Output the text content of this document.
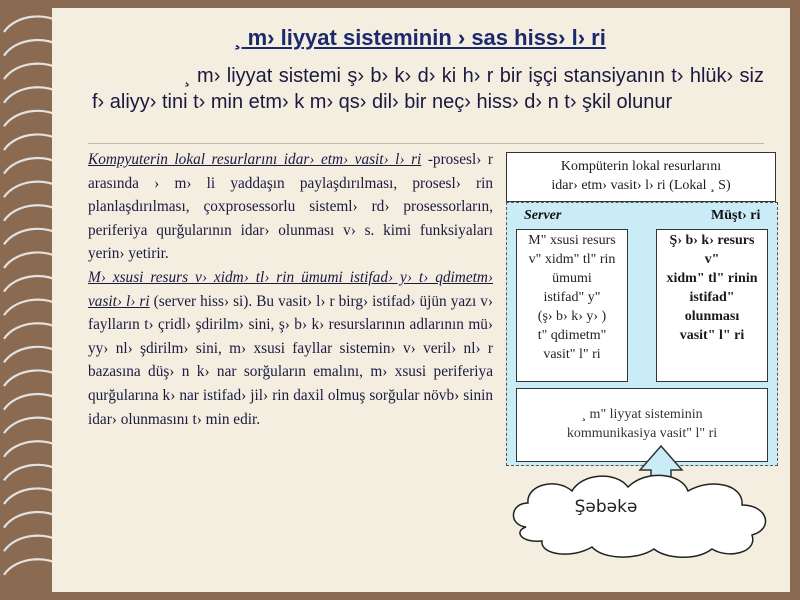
¸ m› liyyat sisteminin › sas hiss› l› ri
¸ m› liyyat sistemi ş› b› k› d› ki h› r bir işçi stansiyanın t› hlük› siz f› aliyy› tini t› min etm› k m› qs› dil› bir neç› hiss› d› n t› şkil olunur
Kompyuterin lokal resurlarını idar› etm› vasit› l› ri -prosesl› r arasında › m› li yaddaşın paylaşdırılması, prosesl› rin planlaşdırılması, çoxprosessorlu sisteml› rd› prosessorların, periferiya qurğularının idar› olunması v› s. kimi funksiyaları yerin› yetirir.
M› xsusi resurs v› xidm› tl› rin ümumi istifad› y› t› qdimetm› vasit› l› ri (server hiss› si). Bu vasit› l› r birg› istifad› üjün yazı v› faylların t› çridl› şdirilm› sini, ş› b› k› resurslarının adlarının mü› yy› nl› şdirilm› sini, m› xsusi fayllar sistemin› v› veril› nl› r bazasına düş› n k› nar sorğuların emalını, m› xsusi periferiya qurğularına k› nar istifad› jil› rin daxil olmuş sorğular növb› sinin idar› olunmasını t› min edir.
Kompüterin lokal resurlarını
idar› etm› vasit› l› ri (Lokal ¸ S)
Server	Müşt› ri
M" xsusi resurs
v" xidm" tl" rin
ümumi
istifad" y"
(ş› b› k› y› )
t" qdimetm"
vasit" l" ri
Ş› b› k› resurs
v"
xidm" tl" rinin
istifad"
olunması
vasit" l" ri
¸ m" liyyat sisteminin
kommunikasiya vasit" l" ri
Şəbəkə
